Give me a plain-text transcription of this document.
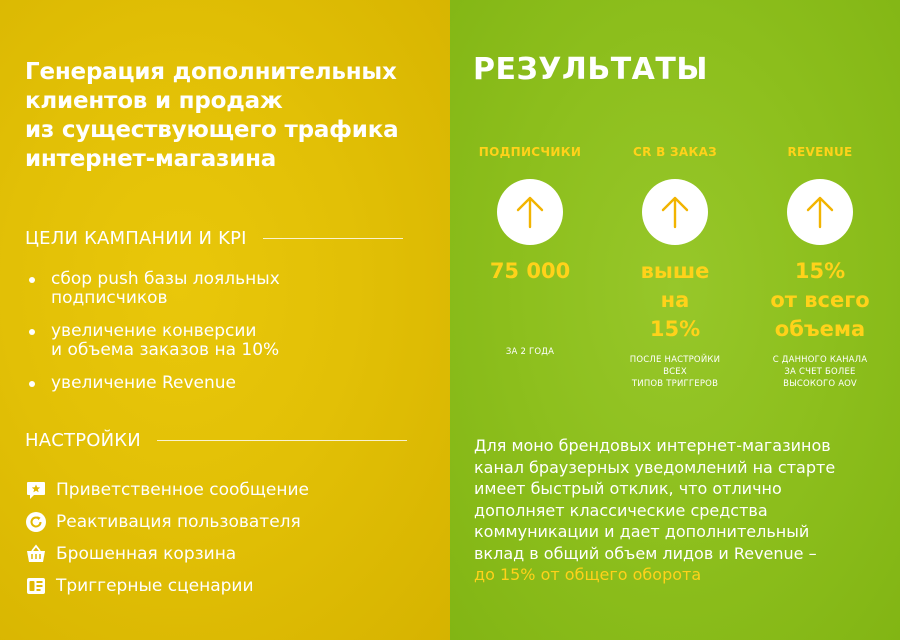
Генерация дополнительных
клиентов и продаж
из существующего трафика
интернет-магазина
ЦЕЛИ КАМПАНИИ И KPI
сбор push базы лояльных
подписчиков
увеличение конверсии
и объема заказов на 10%
увеличение Revenue
НАСТРОЙКИ
Приветственное сообщение
Реактивация пользователя
Брошенная корзина
Триггерные сценарии
РЕЗУЛЬТАТЫ
ПОДПИСЧИКИ
75 000
ЗА 2 ГОДА
CR В ЗАКАЗ
выше
на
15%
ПОСЛЕ НАСТРОЙКИ
ВСЕХ
ТИПОВ ТРИГГЕРОВ
REVENUE
15%
от всего
объема
С ДАННОГО КАНАЛА
ЗА СЧЕТ БОЛЕЕ
ВЫСОКОГО AOV

Для моно брендовых интернет-магазинов
канал браузерных уведомлений на старте
имеет быстрый отклик, что отлично
дополняет классические средства
коммуникации и дает дополнительный
вклад в общий объем лидов и Revenue –
до 15% от общего оборота
